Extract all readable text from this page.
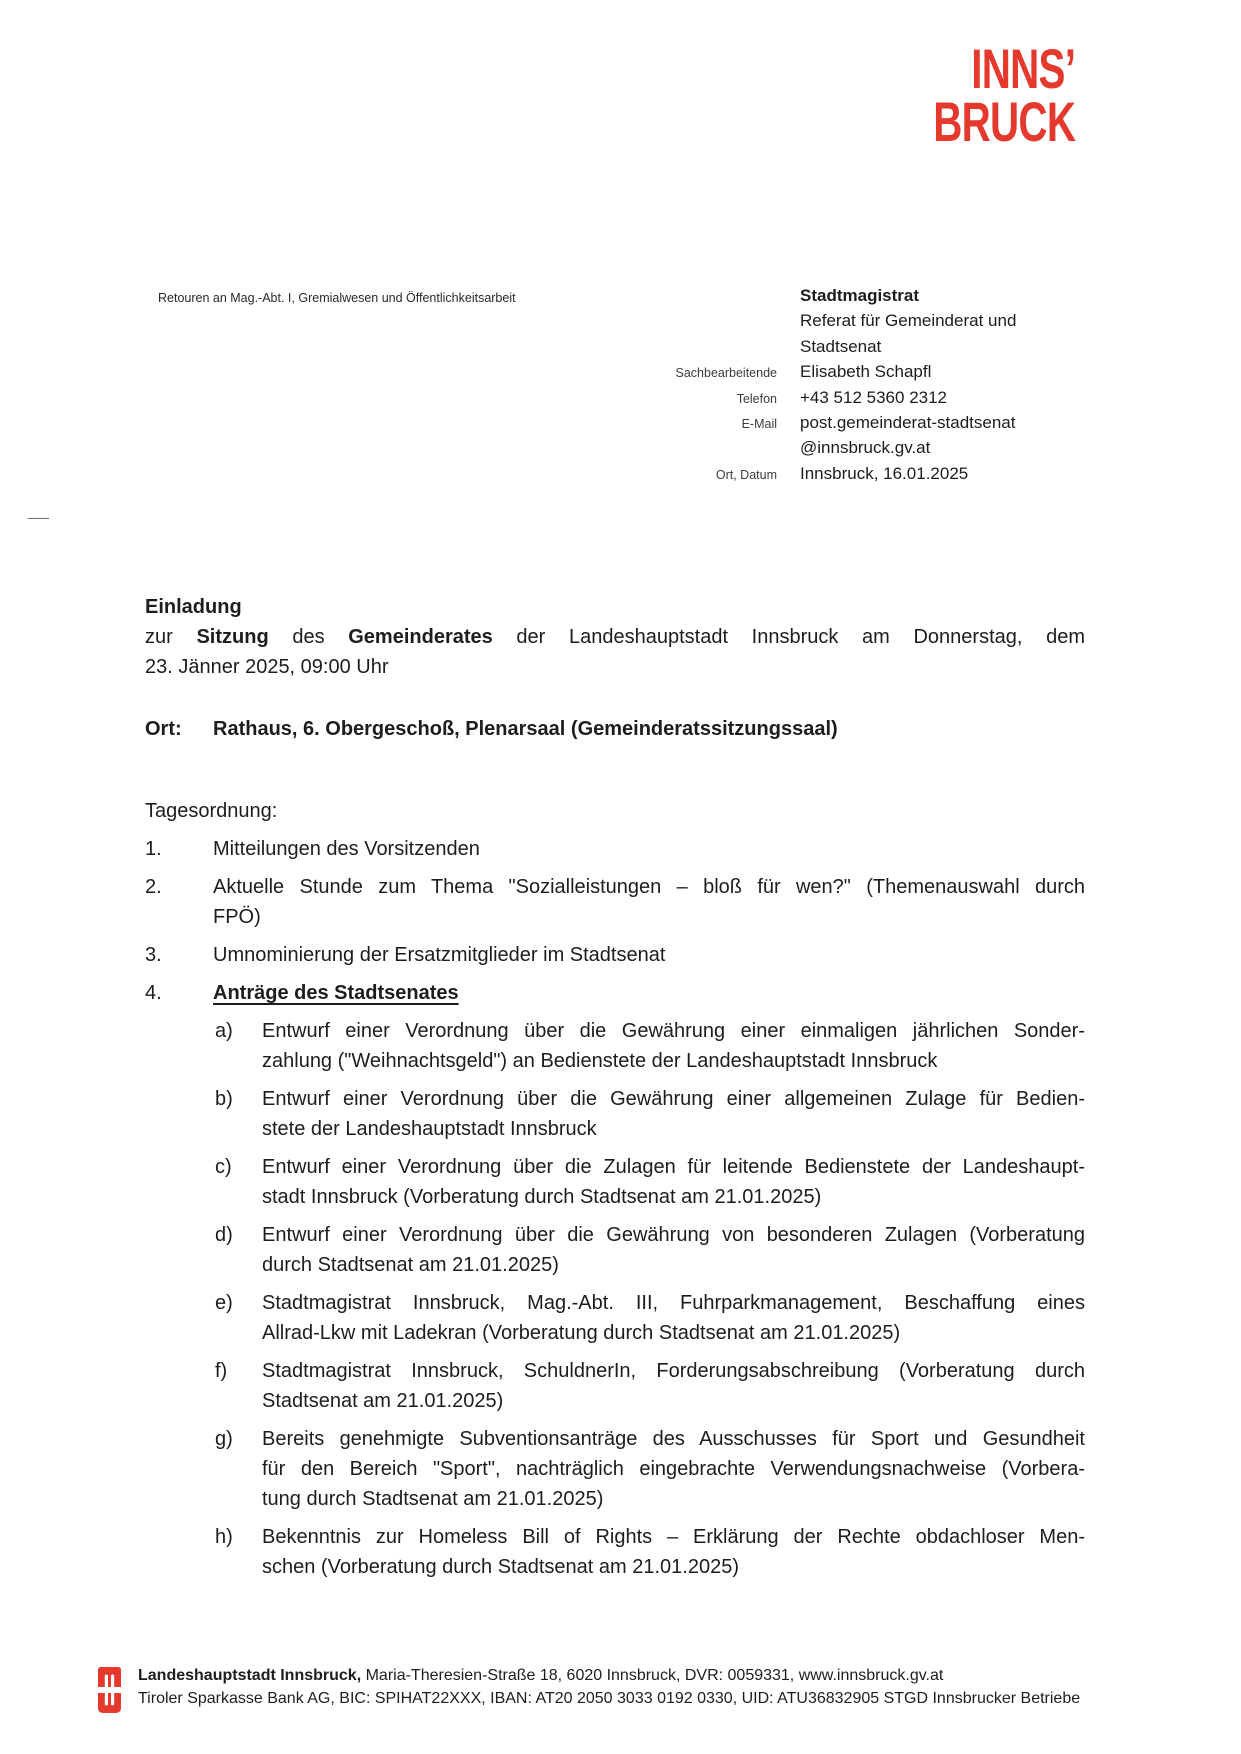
INNS’
BRUCK
Retouren an Mag.-Abt. I, Gremialwesen und Öffentlichkeitsarbeit	Stadtmagistrat
Referat für Gemeinderat und
Stadtsenat
Sachbearbeitende	Elisabeth Schapfl
Telefon	+43 512 5360 2312
E-Mail	post.gemeinderat-stadtsenat
@innsbruck.gv.at
Ort, Datum	Innsbruck, 16.01.2025
Einladung
zur Sitzung des Gemeinderates der Landeshauptstadt Innsbruck am Donnerstag, dem
23. Jänner 2025, 09:00 Uhr
Ort:	Rathaus, 6. Obergeschoß, Plenarsaal (Gemeinderatssitzungssaal)
Tagesordnung:
1.	Mitteilungen des Vorsitzenden
2.	Aktuelle Stunde zum Thema "Sozialleistungen – bloß für wen?" (Themenauswahl durch
FPÖ)
3.	Umnominierung der Ersatzmitglieder im Stadtsenat
4.	Anträge des Stadtsenates
a)	Entwurf einer Verordnung über die Gewährung einer einmaligen jährlichen Sonder-
zahlung ("Weihnachtsgeld") an Bedienstete der Landeshauptstadt Innsbruck
b)	Entwurf einer Verordnung über die Gewährung einer allgemeinen Zulage für Bedien-
stete der Landeshauptstadt Innsbruck
c)	Entwurf einer Verordnung über die Zulagen für leitende Bedienstete der Landeshaupt-
stadt Innsbruck (Vorberatung durch Stadtsenat am 21.01.2025)
d)	Entwurf einer Verordnung über die Gewährung von besonderen Zulagen (Vorberatung
durch Stadtsenat am 21.01.2025)
e)	Stadtmagistrat Innsbruck, Mag.-Abt. III, Fuhrparkmanagement, Beschaffung eines
Allrad-Lkw mit Ladekran (Vorberatung durch Stadtsenat am 21.01.2025)
f)	Stadtmagistrat Innsbruck, SchuldnerIn, Forderungsabschreibung (Vorberatung durch
Stadtsenat am 21.01.2025)
g)	Bereits genehmigte Subventionsanträge des Ausschusses für Sport und Gesundheit
für den Bereich "Sport", nachträglich eingebrachte Verwendungsnachweise (Vorbera-
tung durch Stadtsenat am 21.01.2025)
h)	Bekenntnis zur Homeless Bill of Rights – Erklärung der Rechte obdachloser Men-
schen (Vorberatung durch Stadtsenat am 21.01.2025)
Landeshauptstadt Innsbruck, Maria-Theresien-Straße 18, 6020 Innsbruck, DVR: 0059331, www.innsbruck.gv.at
Tiroler Sparkasse Bank AG, BIC: SPIHAT22XXX, IBAN: AT20 2050 3033 0192 0330, UID: ATU36832905 STGD Innsbrucker Betriebe
